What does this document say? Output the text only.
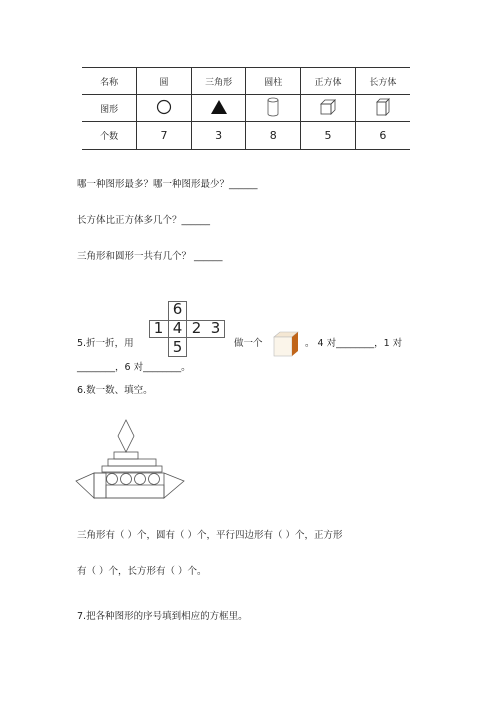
名称	圆	三角形	圆柱	正方体	长方体
图形					
个数	7	3	8	5	6
哪一种图形最多？哪一种图形最少？______
长方体比正方体多几个？______
三角形和圆形一共有几个？ ______
5.折一折，用
6
1 4 2 3
5	做一个	。 4 对________，1 对
________，6 对________。
6.数一数、填空。
三角形有（ ）个，圆有（ ）个，平行四边形有（ ）个，正方形
有（ ）个，长方形有（ ）个。
7.把各种图形的序号填到相应的方框里。
